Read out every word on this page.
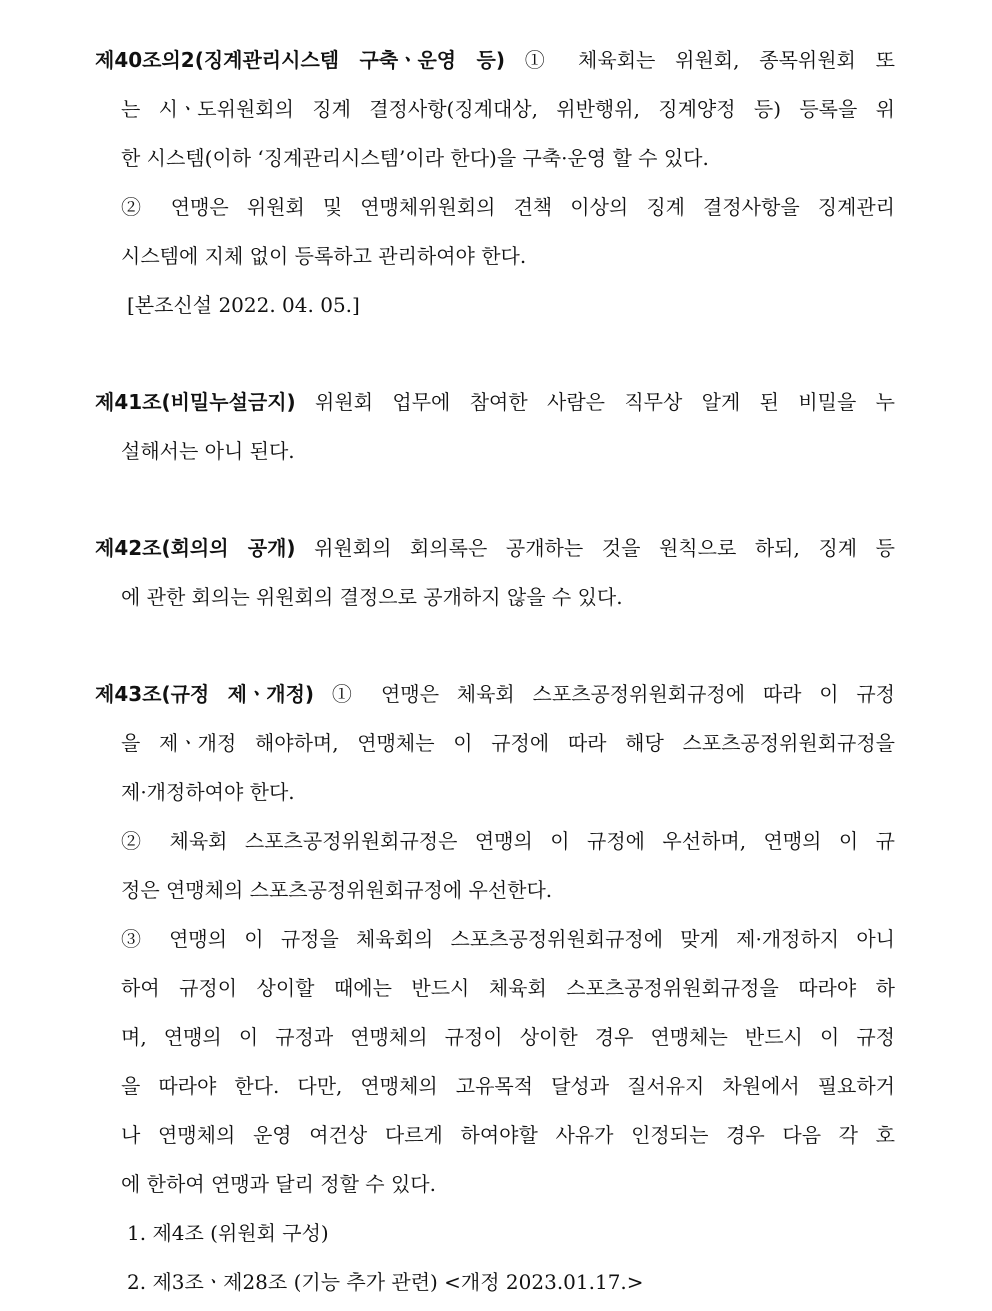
제40조의2(징계관리시스템 구축ㆍ운영 등) ① 체육회는 위원회, 종목위원회 또
는 시ㆍ도위원회의 징계 결정사항(징계대상, 위반행위, 징계양정 등) 등록을 위
한 시스템(이하 ‘징계관리시스템’이라 한다)을 구축·운영 할 수 있다.
② 연맹은 위원회 및 연맹체위원회의 견책 이상의 징계 결정사항을 징계관리
시스템에 지체 없이 등록하고 관리하여야 한다.
[본조신설 2022. 04. 05.]
제41조(비밀누설금지) 위원회 업무에 참여한 사람은 직무상 알게 된 비밀을 누
설해서는 아니 된다.
제42조(회의의 공개) 위원회의 회의록은 공개하는 것을 원칙으로 하되, 징계 등
에 관한 회의는 위원회의 결정으로 공개하지 않을 수 있다.
제43조(규정 제ㆍ개정) ① 연맹은 체육회 스포츠공정위원회규정에 따라 이 규정
을 제ㆍ개정 해야하며, 연맹체는 이 규정에 따라 해당 스포츠공정위원회규정을
제·개정하여야 한다.
② 체육회 스포츠공정위원회규정은 연맹의 이 규정에 우선하며, 연맹의 이 규
정은 연맹체의 스포츠공정위원회규정에 우선한다.
③ 연맹의 이 규정을 체육회의 스포츠공정위원회규정에 맞게 제·개정하지 아니
하여 규정이 상이할 때에는 반드시 체육회 스포츠공정위원회규정을 따라야 하
며, 연맹의 이 규정과 연맹체의 규정이 상이한 경우 연맹체는 반드시 이 규정
을 따라야 한다. 다만, 연맹체의 고유목적 달성과 질서유지 차원에서 필요하거
나 연맹체의 운영 여건상 다르게 하여야할 사유가 인정되는 경우 다음 각 호
에 한하여 연맹과 달리 정할 수 있다.
1. 제4조 (위원회 구성)
2. 제3조ㆍ제28조 (기능 추가 관련) <개정 2023.01.17.>
